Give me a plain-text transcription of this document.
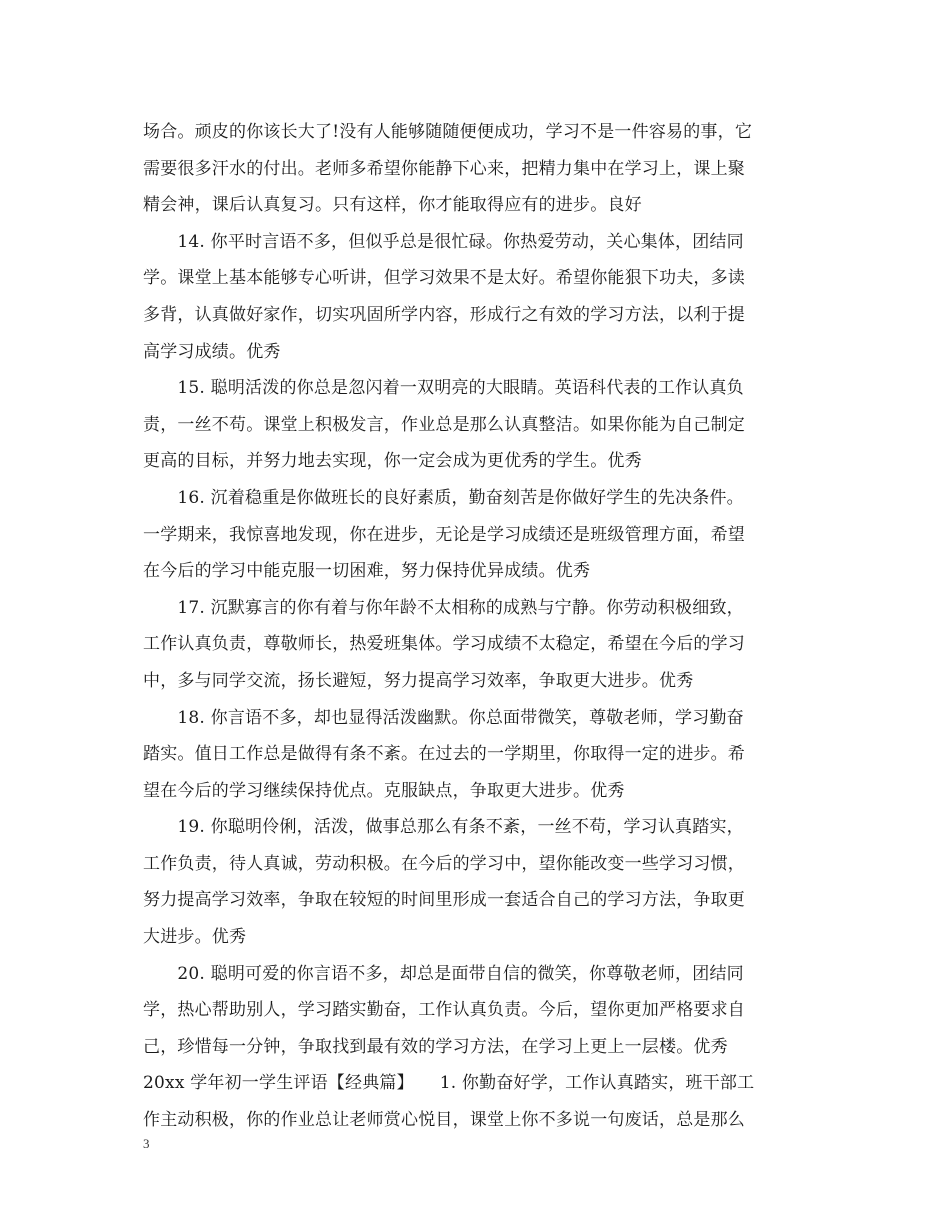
场合。顽皮的你该长大了!没有人能够随随便便成功，学习不是一件容易的事，它
需要很多汗水的付出。老师多希望你能静下心来，把精力集中在学习上，课上聚
精会神，课后认真复习。只有这样，你才能取得应有的进步。良好
　　14. 你平时言语不多，但似乎总是很忙碌。你热爱劳动，关心集体，团结同
学。课堂上基本能够专心听讲，但学习效果不是太好。希望你能狠下功夫，多读
多背，认真做好家作，切实巩固所学内容，形成行之有效的学习方法，以利于提
高学习成绩。优秀
　　15. 聪明活泼的你总是忽闪着一双明亮的大眼睛。英语科代表的工作认真负
责，一丝不苟。课堂上积极发言，作业总是那么认真整洁。如果你能为自己制定
更高的目标，并努力地去实现，你一定会成为更优秀的学生。优秀
　　16. 沉着稳重是你做班长的良好素质，勤奋刻苦是你做好学生的先决条件。
一学期来，我惊喜地发现，你在进步，无论是学习成绩还是班级管理方面，希望
在今后的学习中能克服一切困难，努力保持优异成绩。优秀
　　17. 沉默寡言的你有着与你年龄不太相称的成熟与宁静。你劳动积极细致，
工作认真负责，尊敬师长，热爱班集体。学习成绩不太稳定，希望在今后的学习
中，多与同学交流，扬长避短，努力提高学习效率，争取更大进步。优秀
　　18. 你言语不多，却也显得活泼幽默。你总面带微笑，尊敬老师，学习勤奋
踏实。值日工作总是做得有条不紊。在过去的一学期里，你取得一定的进步。希
望在今后的学习继续保持优点。克服缺点，争取更大进步。优秀
　　19. 你聪明伶俐，活泼，做事总那么有条不紊，一丝不苟，学习认真踏实，
工作负责，待人真诚，劳动积极。在今后的学习中，望你能改变一些学习习惯，
努力提高学习效率，争取在较短的时间里形成一套适合自己的学习方法，争取更
大进步。优秀
　　20. 聪明可爱的你言语不多，却总是面带自信的微笑，你尊敬老师，团结同
学，热心帮助别人，学习踏实勤奋，工作认真负责。今后，望你更加严格要求自
己，珍惜每一分钟，争取找到最有效的学习方法，在学习上更上一层楼。优秀
20xx 学年初一学生评语【经典篇】　　1. 你勤奋好学，工作认真踏实，班干部工
作主动积极，你的作业总让老师赏心悦目，课堂上你不多说一句废话，总是那么
3
